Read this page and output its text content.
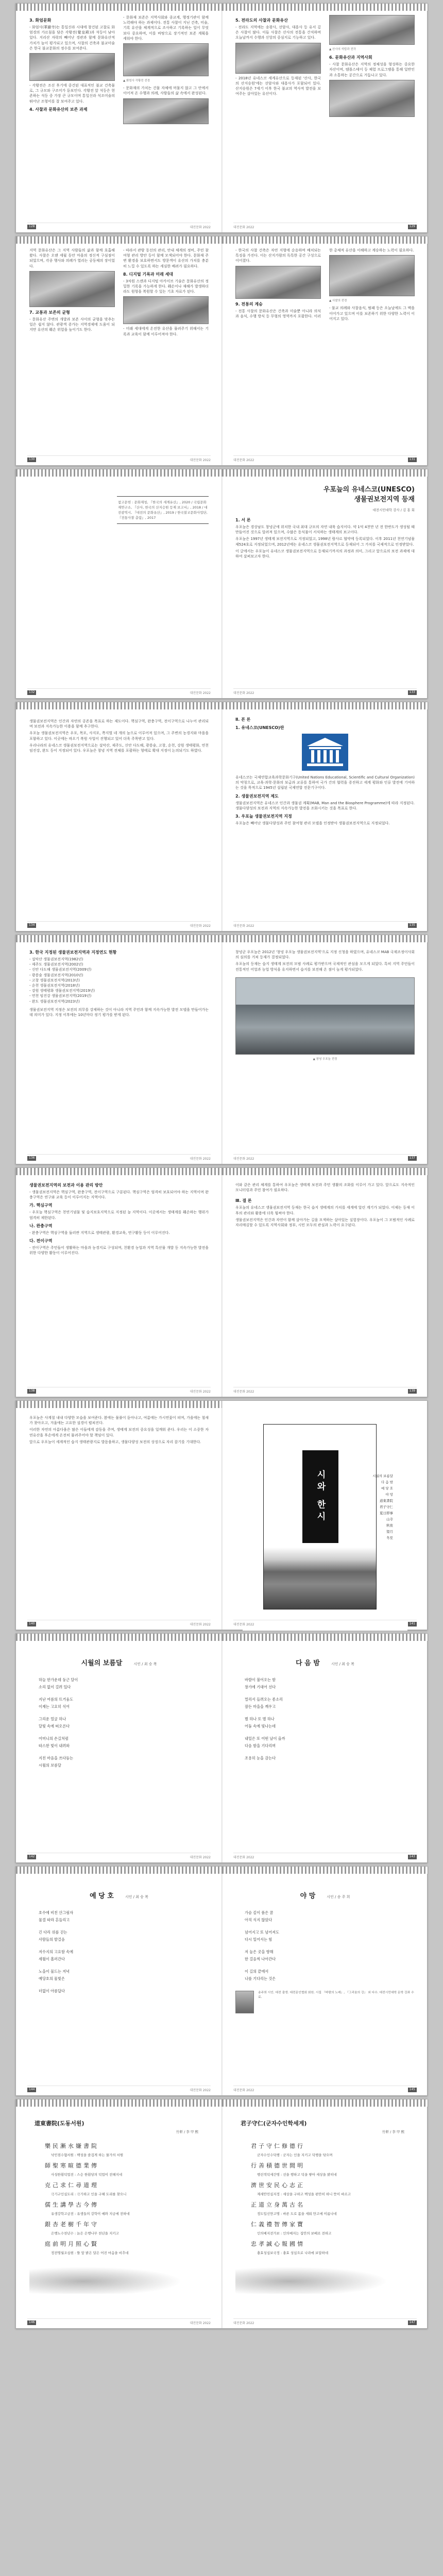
3. 화엄문화

- 화엄사(華嚴寺)는 통일신라 시대에 창건된 고찰로 화엄경의 가르침을 담은 각황전(覺皇殿)과 석등이 남아 있다. 지리산 자락의 빼어난 경관과 함께 문화유산적 가치가 높이 평가되고 있으며, 사찰의 건축과 불교미술은 한국 불교문화의 정수를 보여준다.

- 각황전은 조선 후기에 중건된 대표적인 불교 건축물로, 그 규모와 구조미가 돋보인다. 각황전 앞 석등은 현존하는 석등 중 가장 큰 규모이며 통일신라 석조미술의 뛰어난 조형미를 잘 보여주고 있다.

4. 사찰과 문화유산의 보존 과제

- 문화재 보존은 지역사회와 종교계, 행정기관이 함께 노력해야 하는 과제이다. 전통 사찰이 지닌 건축, 미술, 기록 유산을 체계적으로 조사하고 기록하는 일이 무엇보다 중요하며, 이를 바탕으로 장기적인 보존 계획을 세워야 한다.

▲ 화엄사 각황전 전경

- 문화재의 가치는 건물 자체에 머물지 않고 그 안에서 이어져 온 수행과 의례, 사람들의 삶 속에서 완성된다.

128	대전문화 2022
5. 전라도의 사찰과 문화유산

- 전라도 지역에는 송광사, 선암사, 대흥사 등 유서 깊은 사찰이 많다. 이들 사찰은 산사의 전통을 간직하며 오늘날까지 수행과 신앙의 중심지로 기능하고 있다.

- 2018년 유네스코 세계유산으로 등재된 '산사, 한국의 산지승원'에는 선암사와 대흥사가 포함되어 있다. 산지승원은 7세기 이후 한국 불교의 역사적 발전을 보여주는 살아있는 유산이다.

▲ 산사의 석탑과 전각
6. 문화유산과 지역사회

- 사찰 문화유산은 지역의 정체성을 형성하는 중요한 자산이며, 템플스테이 등 체험 프로그램을 통해 일반인과 소통하는 공간으로 거듭나고 있다.

대전문화 2022	129

지역 문화유산은 그 지역 사람들의 삶과 함께 호흡해 왔다. 사찰은 오랜 세월 동안 마을의 정신적 구심점이 되었으며, 각종 행사와 의례가 열리는 공동체의 장이었다.

7. 교통과 보존의 균형

- 문화유산 주변의 개발과 보존 사이의 균형을 맞추는 일은 쉽지 않다. 관광객 증가는 지역경제에 도움이 되지만 유산의 훼손 위험을 높이기도 한다.

- 따라서 관람 동선의 관리, 안내 체계의 정비, 주민 참여형 관리 방안 등이 함께 모색되어야 한다. 문화재 주변 환경을 보호하면서도 방문객이 유산의 가치를 충분히 느낄 수 있도록 하는 세심한 배려가 필요하다.

8. 디지털 기록과 미래 세대

- 3차원 스캔과 디지털 아카이브 기술은 문화유산의 정밀한 기록을 가능하게 한다. 훼손이나 재해가 발생하더라도 원형을 복원할 수 있는 기초 자료가 된다.

- 미래 세대에게 온전한 유산을 물려주기 위해서는 기록과 교육이 함께 이루어져야 한다.

130	대전문화 2022

- 한국의 사찰 건축은 자연 지형에 순응하며 배치되는 특징을 가진다. 이는 산지가람의 독특한 공간 구성으로 이어졌다.

9. 전통의 계승

- 전통 사찰의 문화유산은 건축과 미술뿐 아니라 의식과 음식, 수행 방식 등 무형의 영역까지 포괄한다. 이러한 총체적 유산을 이해하고 계승하는 노력이 필요하다.

▲ 사찰의 전경

- 불교 의례와 사찰음식, 범패 등은 오늘날에도 그 맥을 이어가고 있으며 이를 보존하기 위한 다양한 노력이 이어지고 있다.

대전문화 2022	131
참고문헌 : 문화재청, 『한국의 세계유산』, 2020 / 국립문화재연구소, 『산사, 한국의 산지승원 등재 보고서』, 2018 / 대전광역시, 『대전의 문화유산』, 2019 / 한국불교문화사업단, 『전통사찰 총람』, 2017
132	대전문화 2022
우포늪의 유네스코(UNESCO)
생물권보전지역 등재
대전시민대학 강사 / 김 홍 회
1. 서 론

우포늪은 경상남도 창녕군에 위치한 국내 최대 규모의 자연 내륙 습지이다. 약 1억 4천만 년 전 한반도가 생성될 때 만들어진 것으로 알려져 있으며, 수많은 동식물이 서식하는 생태계의 보고이다.

우포늪은 1997년 생태계 보전지역으로 지정되었고, 1998년 람사르 협약에 등록되었다. 이후 2011년 천연기념물 제524호로 지정되었으며, 2012년에는 유네스코 생물권보전지역으로 등재되어 그 가치를 국제적으로 인정받았다.

이 글에서는 우포늪이 유네스코 생물권보전지역으로 등재되기까지의 과정과 의미, 그리고 앞으로의 보전 과제에 대하여 살펴보고자 한다.

대전문화 2022	133

생물권보전지역은 인간과 자연의 공존을 목표로 하는 제도이다. 핵심구역, 완충구역, 전이구역으로 나누어 관리되며 보전과 지속가능한 이용을 함께 추구한다.

우포늪 생물권보전지역은 우포, 목포, 사지포, 쪽지벌 네 개의 늪으로 이루어져 있으며, 그 주변의 농경지와 마을을 포함하고 있다. 이곳에는 따오기 복원 사업이 진행되고 있어 더욱 주목받고 있다.

우리나라의 유네스코 생물권보전지역으로는 설악산, 제주도, 신안 다도해, 광릉숲, 고창, 순천, 강원 생태평화, 연천 임진강, 완도 등이 지정되어 있다. 우포늪은 창녕 지역 전체를 포괄하는 형태로 확대 지정이 논의되기도 하였다.

134	대전문화 2022
Ⅱ. 본 론
1. 유네스코(UNESCO)란

유네스코는 국제연합교육과학문화기구(United Nations Educational, Scientific and Cultural Organization)의 약칭으로, 교육·과학·문화의 보급과 교류를 통하여 국가 간의 협력을 증진하고 세계 평화와 인류 발전에 기여하는 것을 목적으로 1945년 설립된 국제연합 전문기구이다.

2. 생물권보전지역 제도

생물권보전지역은 유네스코 인간과 생물권 계획(MAB, Man and the Biosphere Programme)에 따라 지정된다. 생물다양성의 보전과 지역의 지속가능한 발전을 조화시키는 것을 목표로 한다.

3. 우포늪 생물권보전지역 지정

우포늪은 빼어난 생물다양성과 주민 참여형 관리 모델을 인정받아 생물권보전지역으로 지정되었다.

대전문화 2022	135
3. 한국 지정된 생물권보전지역과 지정연도 현황
- 설악산 생물권보전지역(1982년)
- 제주도 생물권보전지역(2002년)
- 신안 다도해 생물권보전지역(2009년)
- 광릉숲 생물권보전지역(2010년)
- 고창 생물권보전지역(2013년)
- 순천 생물권보전지역(2018년)
- 강원 생태평화 생물권보전지역(2019년)
- 연천 임진강 생물권보전지역(2019년)
- 완도 생물권보전지역(2023년)

생물권보전지역 지정은 보전의 의무를 강제하는 것이 아니라 지역 주민과 함께 지속가능한 발전 모델을 만들어가는 데 의미가 있다. 지정 이후에는 10년마다 정기 평가를 받게 된다.

136	대전문화 2022

창녕군 우포늪은 2012년 '창녕 우포늪 생물권보전지역'으로 지정 신청을 하였으며, 유네스코 MAB 국제조정이사회의 심의를 거쳐 등재가 결정되었다.

우포늪의 등재는 습지 생태계 보전의 모범 사례로 평가받으며 국제적인 관심을 모으게 되었다. 특히 지역 주민들이 전통적인 어업과 농업 방식을 유지하면서 습지를 보전해 온 점이 높게 평가되었다.

▲ 창녕 우포늪 전경
대전문화 2022	137
생물권보전지역의 보전과 이용 관리 방안

- 생물권보전지역은 핵심구역, 완충구역, 전이구역으로 구분된다. 핵심구역은 엄격히 보호되어야 하는 지역이며 완충구역은 연구와 교육 등이 이루어지는 지역이다.

가. 핵심구역

- 우포늪 핵심구역은 천연기념물 및 습지보호지역으로 지정된 늪 지역이다. 이곳에서는 생태계를 훼손하는 행위가 엄격히 제한된다.

나. 완충구역

- 완충구역은 핵심구역을 둘러싼 지역으로 생태관광, 환경교육, 연구활동 등이 이루어진다.

다. 전이구역

- 전이구역은 주민들이 생활하는 마을과 농경지로 구성되며, 친환경 농업과 지역 특산물 개발 등 지속가능한 발전을 위한 다양한 활동이 이루어진다.

138	대전문화 2022

이와 같은 관리 체계를 통하여 우포늪은 생태계 보전과 주민 생활의 조화를 이루어 가고 있다. 앞으로도 지속적인 모니터링과 주민 참여가 필요하다.

Ⅲ. 결 론

우포늪의 유네스코 생물권보전지역 등재는 한국 습지 생태계의 가치를 세계에 알린 계기가 되었다. 이제는 등재 이후의 관리와 활용에 더욱 힘써야 한다.

생물권보전지역은 인간과 자연이 함께 살아가는 길을 모색하는 살아있는 실험장이다. 우포늪이 그 모범적인 사례로 자리매김할 수 있도록 지역사회와 정부, 시민 모두의 관심과 노력이 요구된다.

대전문화 2022	139

우포늪은 사계절 내내 다양한 모습을 보여준다. 봄에는 물풀이 돋아나고, 여름에는 가시연꽃이 피며, 가을에는 철새가 찾아오고, 겨울에는 고요한 설경이 펼쳐진다.

이러한 자연의 아름다움은 많은 이들에게 감동을 주며, 생태계 보전의 중요성을 일깨워 준다. 우리는 이 소중한 자연유산을 후손에게 온전히 물려주어야 할 책임이 있다.

앞으로 우포늪이 세계적인 습지 생태관광지로 발돋움하고, 생물다양성 보전의 상징으로 자리 잡기를 기대한다.

140	대전문화 2022
시와 한시	시월의 보름달
다 음 밤
예 당 호
야 망
道東書院
君子守仁
夏日即事
山寺
秋夜
望月
冬至
대전문화 2022	141
시월의 보름달	시인 / 최 승 복
하늘 한가운데 둥근 달이
소리 없이 걸려 있다
지난 여름의 뜨거움도
이제는 고요히 식어
그리운 얼굴 하나
달빛 속에 떠오른다
어머니의 손길처럼
따스한 빛이 내려와
지친 마음을 쓰다듬는
시월의 보름달
142	대전문화 2022
다 음 밤	시인 / 최 승 복
바람이 불어오는 밤
창가에 기대어 선다
멀리서 들려오는 종소리
잠든 마을을 깨우고
별 하나 또 별 하나
어둠 속에 빛나는데
내일은 또 어떤 날이 올까
다음 밤을 기다리며
조용히 눈을 감는다
대전문화 2022	143
예 당 호	시인 / 최 승 복
호수에 비친 산그림자
물결 따라 흔들리고
긴 다리 위를 걷는
사람들의 발걸음
저수지의 고요함 속에
세월이 흘러간다
노을이 물드는 저녁
예당호의 물빛은
더없이 아름답다
144	대전문화 2022
야 망	시인 / 송 주 희
가슴 깊이 품은 꿈
아직 식지 않았다
넘어지고 또 넘어져도
다시 일어서는 힘
저 높은 곳을 향해
한 걸음씩 나아간다
이 길의 끝에서
나를 기다리는 것은
송주희 시인. 대전 출생. 대전문인협회 회원. 시집 『바람의 노래』, 『그리움의 강』 외 다수. 대전시민대학 문학 강좌 수료.
대전문화 2022	145
道東書院(도동서원)
竹軒 / 李 甲 熙
樂民漸水嫌書院
낙민점수혐서원 : 백성을 즐겁게 하는 물가의 서원
師聖寒暄德業傳
사성한훤덕업전 : 스승 한훤당의 덕업이 전해지네
克己求仁尋道理
극기구인심도리 : 극기하고 인을 구해 도리를 찾으니
儒生講學古今傳
유생강학고금전 : 유생들의 강학이 예와 지금에 전하네
銀杏老樹千年守
은행노수천년수 : 늙은 은행나무 천년을 지키고
庭前明月照心賢
정전명월조심현 : 뜰 앞 밝은 달은 어진 마음을 비추네
146	대전문화 2022
君子守仁(군자수인학세계)
竹軒 / 李 甲 熙
君子守仁修德行
군자수인수덕행 : 군자는 인을 지키고 덕행을 닦으며
行善積德世間明
행선적덕세간명 : 선을 행하고 덕을 쌓아 세상을 밝히네
濟世安民心志正
제세안민심지정 : 세상을 구하고 백성을 편안히 하니 뜻이 바르고
正道立身萬古名
정도입신만고명 : 바른 도로 몸을 세워 만고에 이름나네
仁義禮智傳家寶
인의예지전가보 : 인의예지는 집안의 보배로 전하고
忠孝誠心報國情
충효성심보국정 : 충효 성심으로 나라에 보답하네
대전문화 2022	147
